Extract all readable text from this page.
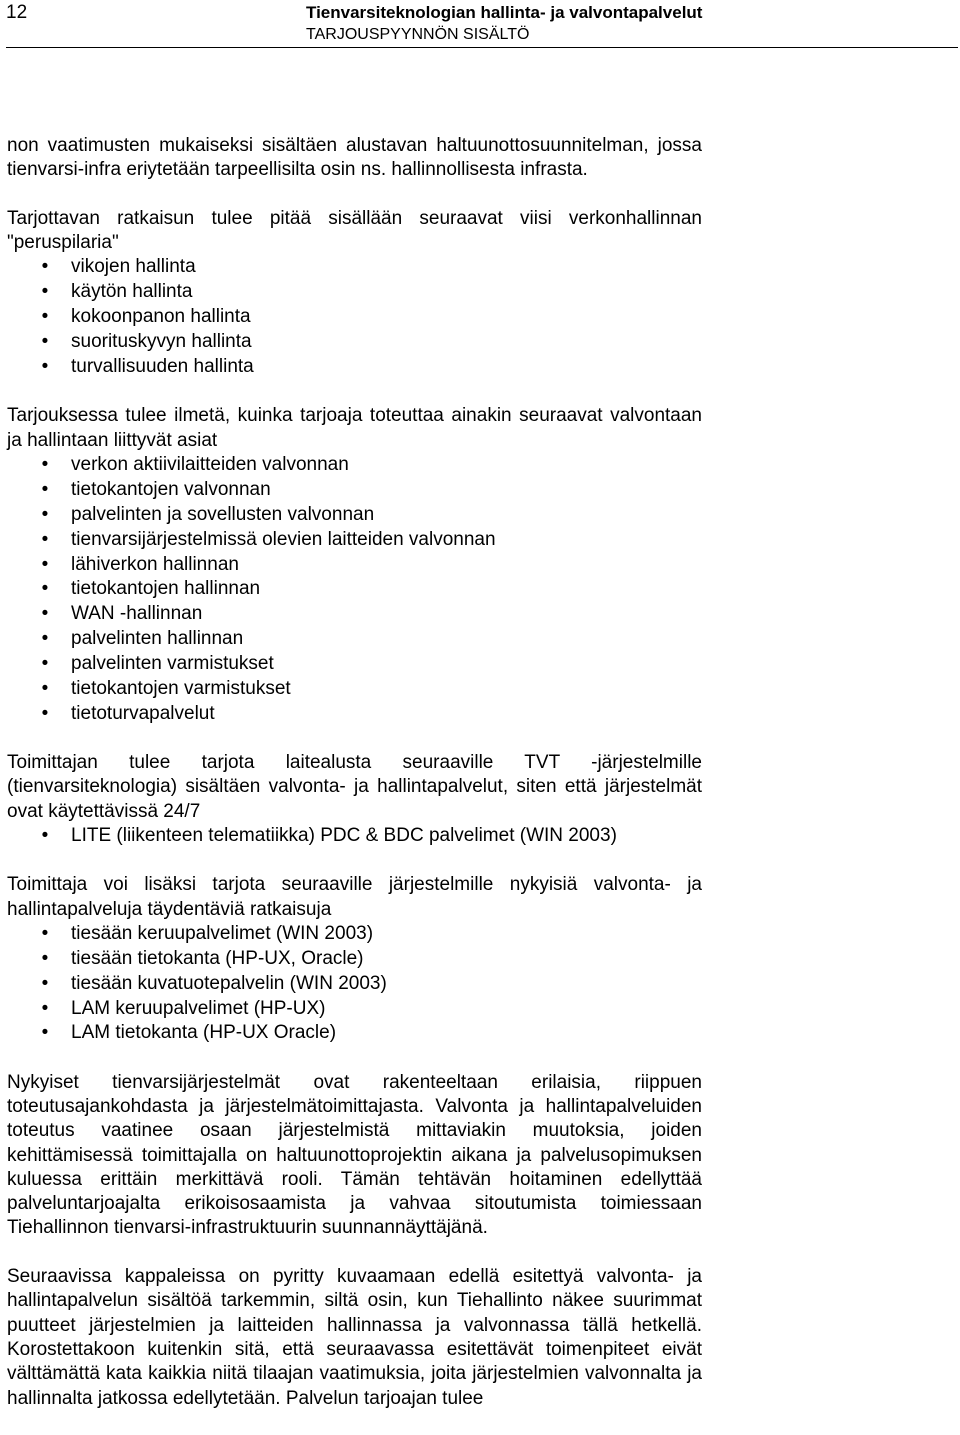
12	Tienvarsiteknologian hallinta- ja valvontapalvelut
TARJOUSPYYNNÖN SISÄLTÖ

non vaatimusten mukaiseksi sisältäen alustavan haltuunottosuunnitelman, jossa tienvarsi-infra eriytetään tarpeellisilta osin ns. hallinnollisesta infrasta.

Tarjottavan ratkaisun tulee pitää sisällään seuraavat viisi verkonhallinnan "peruspilaria"

• vikojen hallinta
• käytön hallinta
• kokoonpanon hallinta
• suorituskyvyn hallinta
• turvallisuuden hallinta

Tarjouksessa tulee ilmetä, kuinka tarjoaja toteuttaa ainakin seuraavat valvontaan ja hallintaan liittyvät asiat

• verkon aktiivilaitteiden valvonnan
• tietokantojen valvonnan
• palvelinten ja sovellusten valvonnan
• tienvarsijärjestelmissä olevien laitteiden valvonnan
• lähiverkon hallinnan
• tietokantojen hallinnan
• WAN -hallinnan
• palvelinten hallinnan
• palvelinten varmistukset
• tietokantojen varmistukset
• tietoturvapalvelut

Toimittajan tulee tarjota laitealusta seuraaville TVT -järjestelmille (tienvarsiteknologia) sisältäen valvonta- ja hallintapalvelut, siten että järjestelmät ovat käytettävissä 24/7

• LITE (liikenteen telematiikka) PDC & BDC palvelimet (WIN 2003)

Toimittaja voi lisäksi tarjota seuraaville järjestelmille nykyisiä valvonta- ja hallintapalveluja täydentäviä ratkaisuja

• tiesään keruupalvelimet (WIN 2003)
• tiesään tietokanta (HP-UX, Oracle)
• tiesään kuvatuotepalvelin (WIN 2003)
• LAM keruupalvelimet (HP-UX)
• LAM tietokanta (HP-UX Oracle)

Nykyiset tienvarsijärjestelmät ovat rakenteeltaan erilaisia, riippuen toteutusajankohdasta ja järjestelmätoimittajasta. Valvonta ja hallintapalveluiden toteutus vaatinee osaan järjestelmistä mittaviakin muutoksia, joiden kehittämisessä toimittajalla on haltuunottoprojektin aikana ja palvelusopimuksen kuluessa erittäin merkittävä rooli. Tämän tehtävän hoitaminen edellyttää palveluntarjoajalta erikoisosaamista ja vahvaa sitoutumista toimiessaan Tiehallinnon tienvarsi-infrastruktuurin suunnannäyttäjänä.

Seuraavissa kappaleissa on pyritty kuvaamaan edellä esitettyä valvonta- ja hallintapalvelun sisältöä tarkemmin, siltä osin, kun Tiehallinto näkee suurimmat puutteet järjestelmien ja laitteiden hallinnassa ja valvonnassa tällä hetkellä. Korostettakoon kuitenkin sitä, että seuraavassa esitettävät toimenpiteet eivät välttämättä kata kaikkia niitä tilaajan vaatimuksia, joita järjestelmien valvonnalta ja hallinnalta jatkossa edellytetään. Palvelun tarjoajan tulee
